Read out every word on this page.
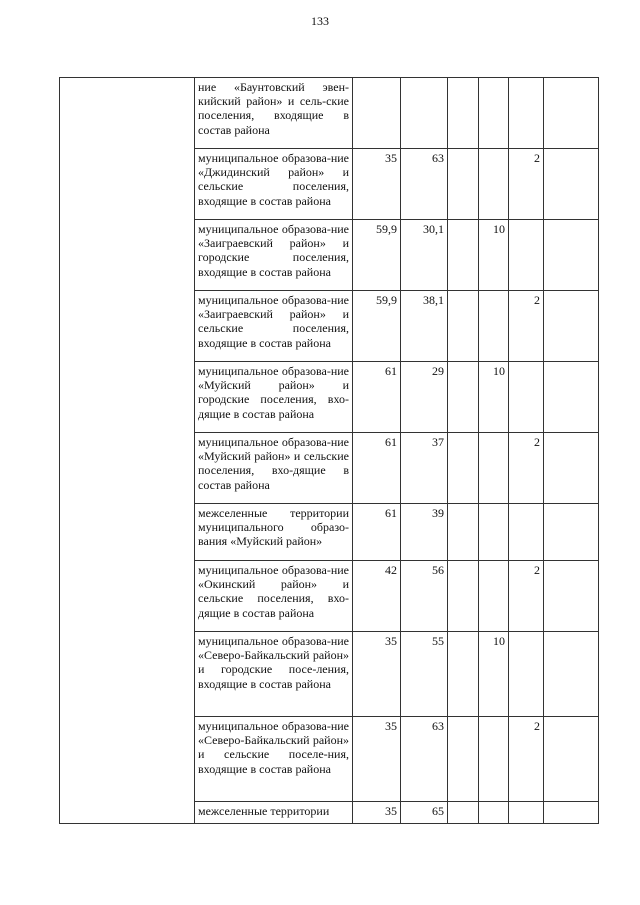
133
	ние «Баунтовский эвен-кийский район» и сель-ские поселения, входящие в состав района						
	муниципальное образова-ние «Джидинский район» и сельские поселения, входящие в состав района	35	63			2	
	муниципальное образова-ние «Заиграевский район» и городские поселения, входящие в состав района	59,9	30,1		10		
	муниципальное образова-ние «Заиграевский район» и сельские поселения, входящие в состав района	59,9	38,1			2	
	муниципальное образова-ние «Муйский район» и городские поселения, вхо-дящие в состав района	61	29		10		
	муниципальное образова-ние «Муйский район» и сельские поселения, вхо-дящие в состав района	61	37			2	
	межселенные территории муниципального образо-вания «Муйский район»	61	39				
	муниципальное образова-ние «Окинский район» и сельские поселения, вхо-дящие в состав района	42	56			2	
	муниципальное образова-ние «Северо-Байкальский район» и городские посе-ления, входящие в состав района	35	55		10		
	муниципальное образова-ние «Северо-Байкальский район» и сельские поселе-ния, входящие в состав района	35	63			2	
	межселенные территории	35	65				
